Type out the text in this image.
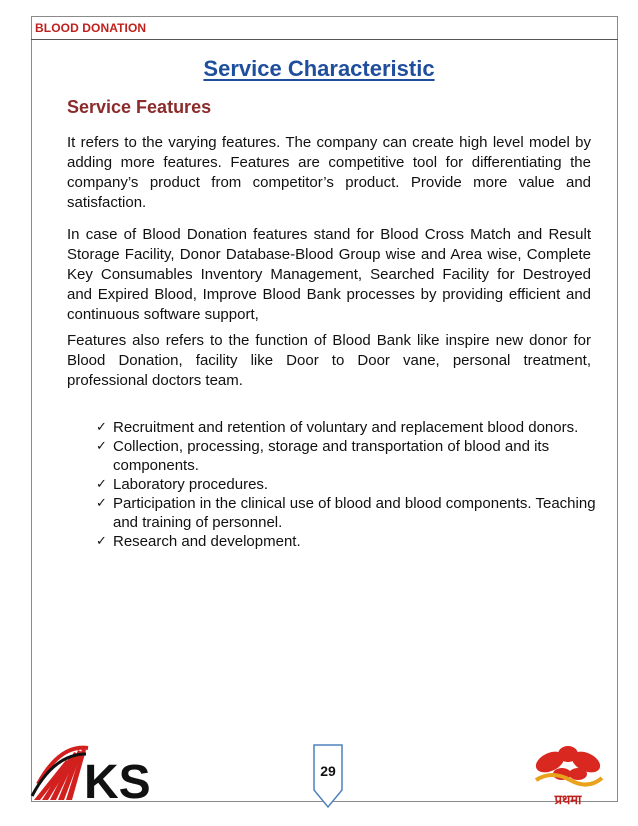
BLOOD DONATION
Service Characteristic
Service Features

It refers to the varying features. The company can create high level model by adding more features. Features are competitive tool for differentiating the company’s product from competitor’s product. Provide more value and satisfaction.

In case of Blood Donation features stand for Blood Cross Match and Result Storage Facility, Donor Database-Blood Group wise and Area wise, Complete Key Consumables Inventory Management, Searched Facility for Destroyed and Expired Blood, Improve Blood Bank processes by providing efficient and continuous software support,

Features also refers to the function of Blood Bank like inspire new donor for Blood Donation, facility like Door to Door vane, personal treatment, professional doctors team.

✓ Recruitment and retention of voluntary and replacement blood donors.
✓ Collection, processing, storage and transportation of blood and its components.
✓ Laboratory procedures.
✓ Participation in the clinical use of blood and blood components. Teaching and training of personnel.
✓ Research and development.
KS	29
प्रथमा
